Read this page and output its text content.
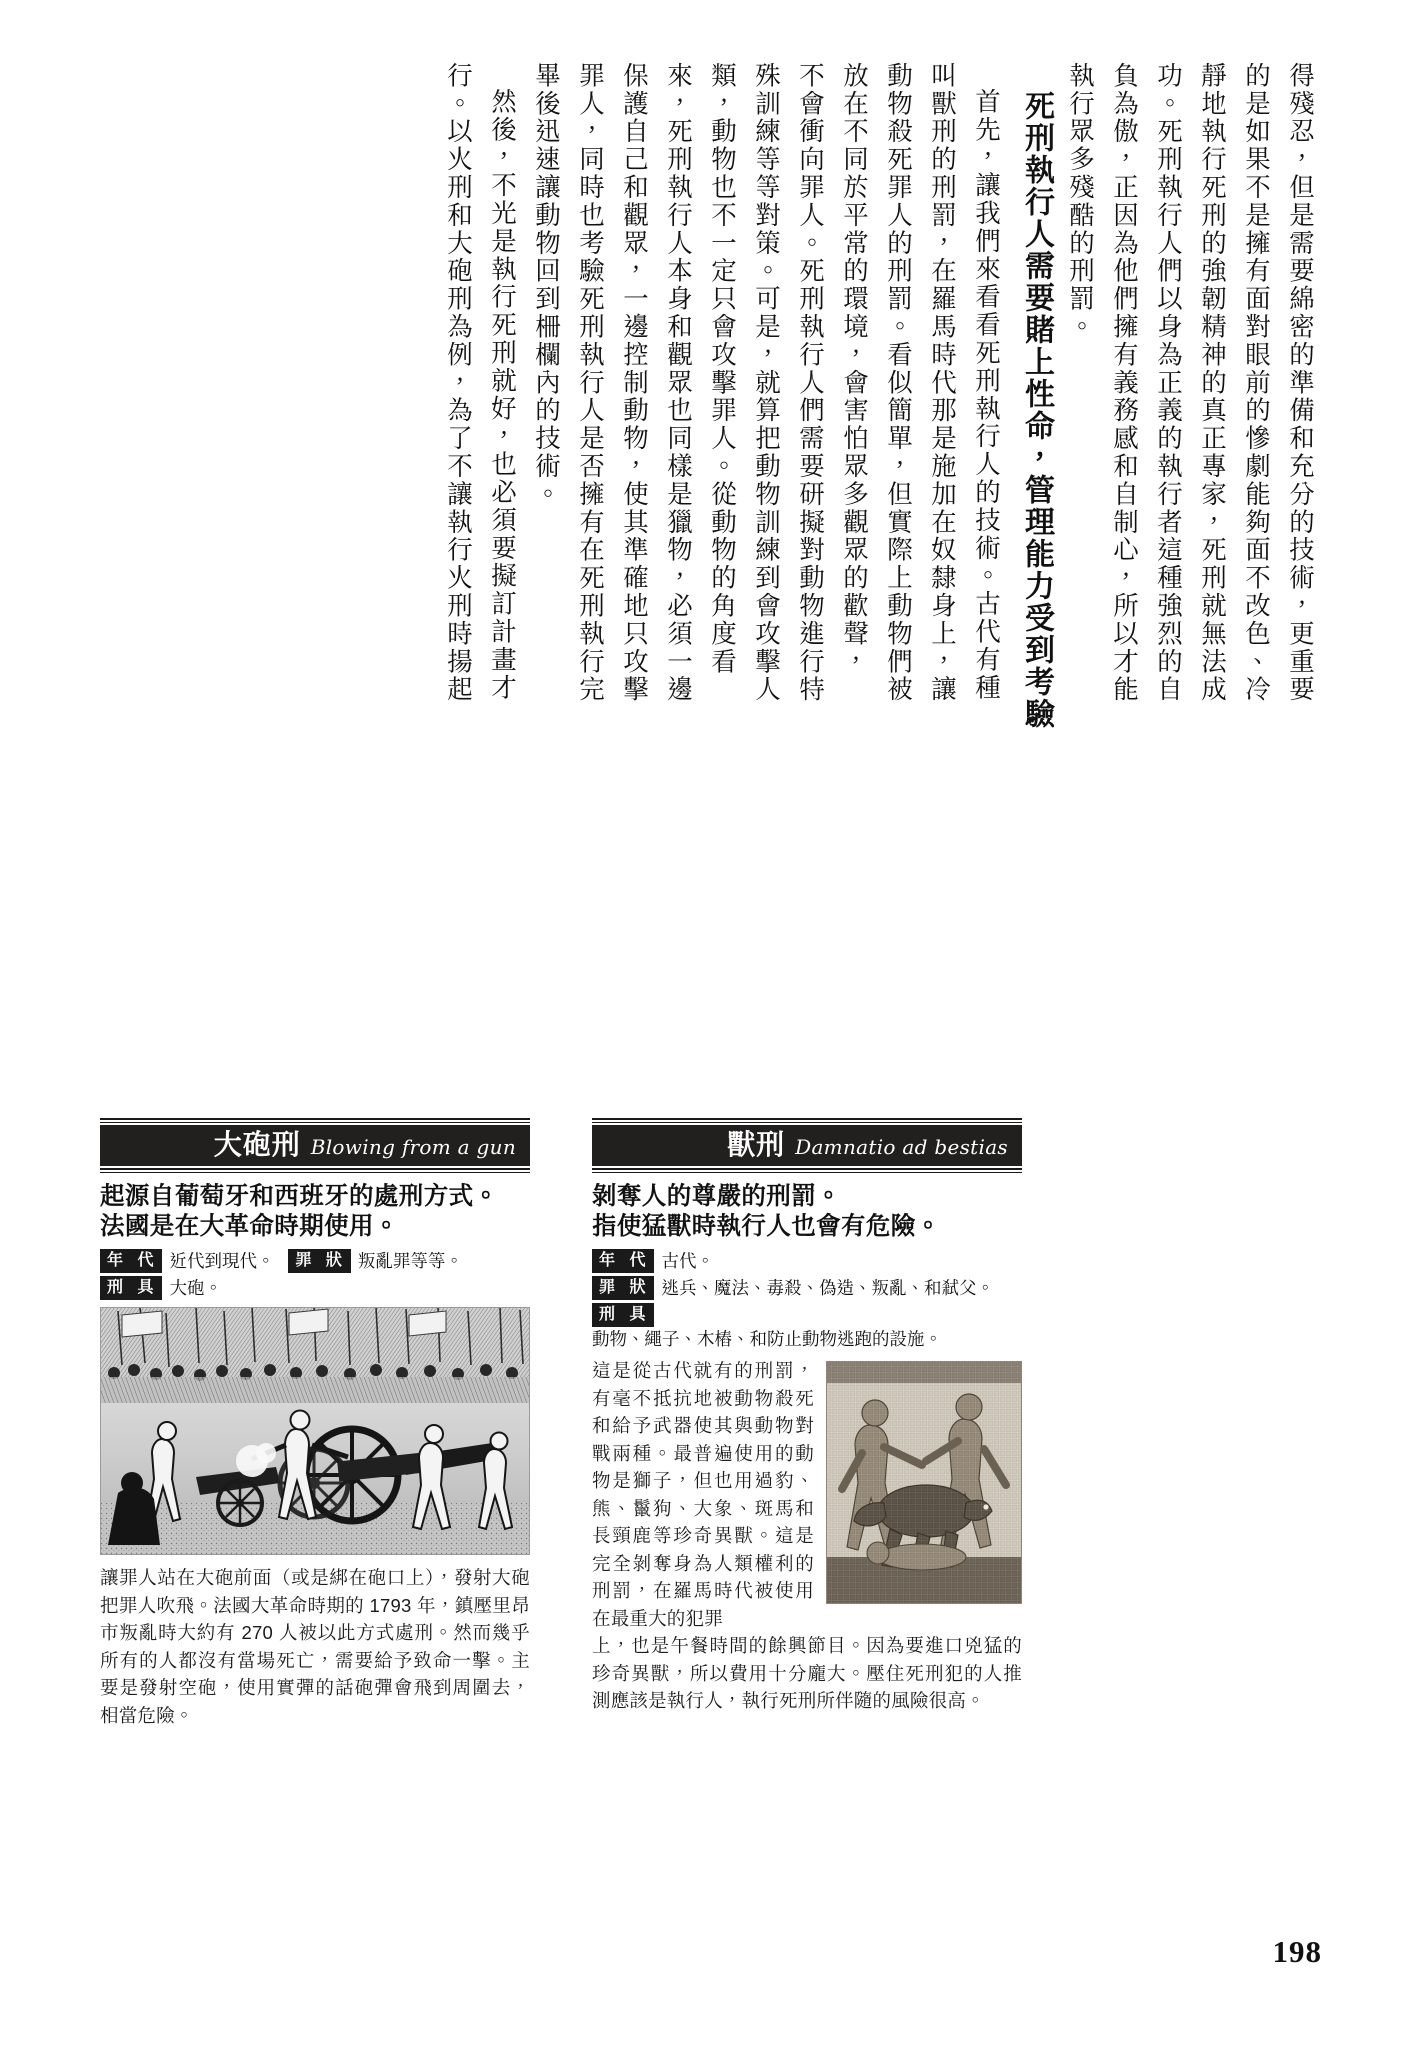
得殘忍，但是需要綿密的準備和充分的技術，更重要
的是如果不是擁有面對眼前的慘劇能夠面不改色、冷
靜地執行死刑的強韌精神的真正專家，死刑就無法成
功。死刑執行人們以身為正義的執行者這種強烈的自
負為傲，正因為他們擁有義務感和自制心，所以才能
執行眾多殘酷的刑罰。
死刑執行人需要賭上性命，管理能力受到考驗
首先，讓我們來看看死刑執行人的技術。古代有種
叫獸刑的刑罰，在羅馬時代那是施加在奴隸身上，讓
動物殺死罪人的刑罰。看似簡單，但實際上動物們被
放在不同於平常的環境，會害怕眾多觀眾的歡聲，
不會衝向罪人。死刑執行人們需要研擬對動物進行特
殊訓練等等對策。可是，就算把動物訓練到會攻擊人
類，動物也不一定只會攻擊罪人。從動物的角度看
來，死刑執行人本身和觀眾也同樣是獵物，必須一邊
保護自己和觀眾，一邊控制動物，使其準確地只攻擊
罪人，同時也考驗死刑執行人是否擁有在死刑執行完
畢後迅速讓動物回到柵欄內的技術。
然後，不光是執行死刑就好，也必須要擬訂計畫才
行。以火刑和大砲刑為例，為了不讓執行火刑時揚起
大砲刑 Blowing from a gun
起源自葡萄牙和西班牙的處刑方式。
法國是在大革命時期使用。
年 代 近代到現代。	罪 狀 叛亂罪等等。
刑 具 大砲。
讓罪人站在大砲前面（或是綁在砲口上），發射大砲把罪人吹飛。法國大革命時期的 1793 年，鎮壓里昂市叛亂時大約有 270 人被以此方式處刑。然而幾乎所有的人都沒有當場死亡，需要給予致命一擊。主要是發射空砲，使用實彈的話砲彈會飛到周圍去，相當危險。
獸刑 Damnatio ad bestias
剝奪人的尊嚴的刑罰。
指使猛獸時執行人也會有危險。
年 代 古代。
罪 狀 逃兵、魔法、毒殺、偽造、叛亂、和弒父。
刑 具
動物、繩子、木樁、和防止動物逃跑的設施。
這是從古代就有的刑罰，有毫不抵抗地被動物殺死和給予武器使其與動物對戰兩種。最普遍使用的動物是獅子，但也用過豹、熊、鬣狗、大象、斑馬和長頸鹿等珍奇異獸。這是完全剝奪身為人類權利的刑罰，在羅馬時代被使用在最重大的犯罪
上，也是午餐時間的餘興節目。因為要進口兇猛的珍奇異獸，所以費用十分龐大。壓住死刑犯的人推測應該是執行人，執行死刑所伴隨的風險很高。
198
